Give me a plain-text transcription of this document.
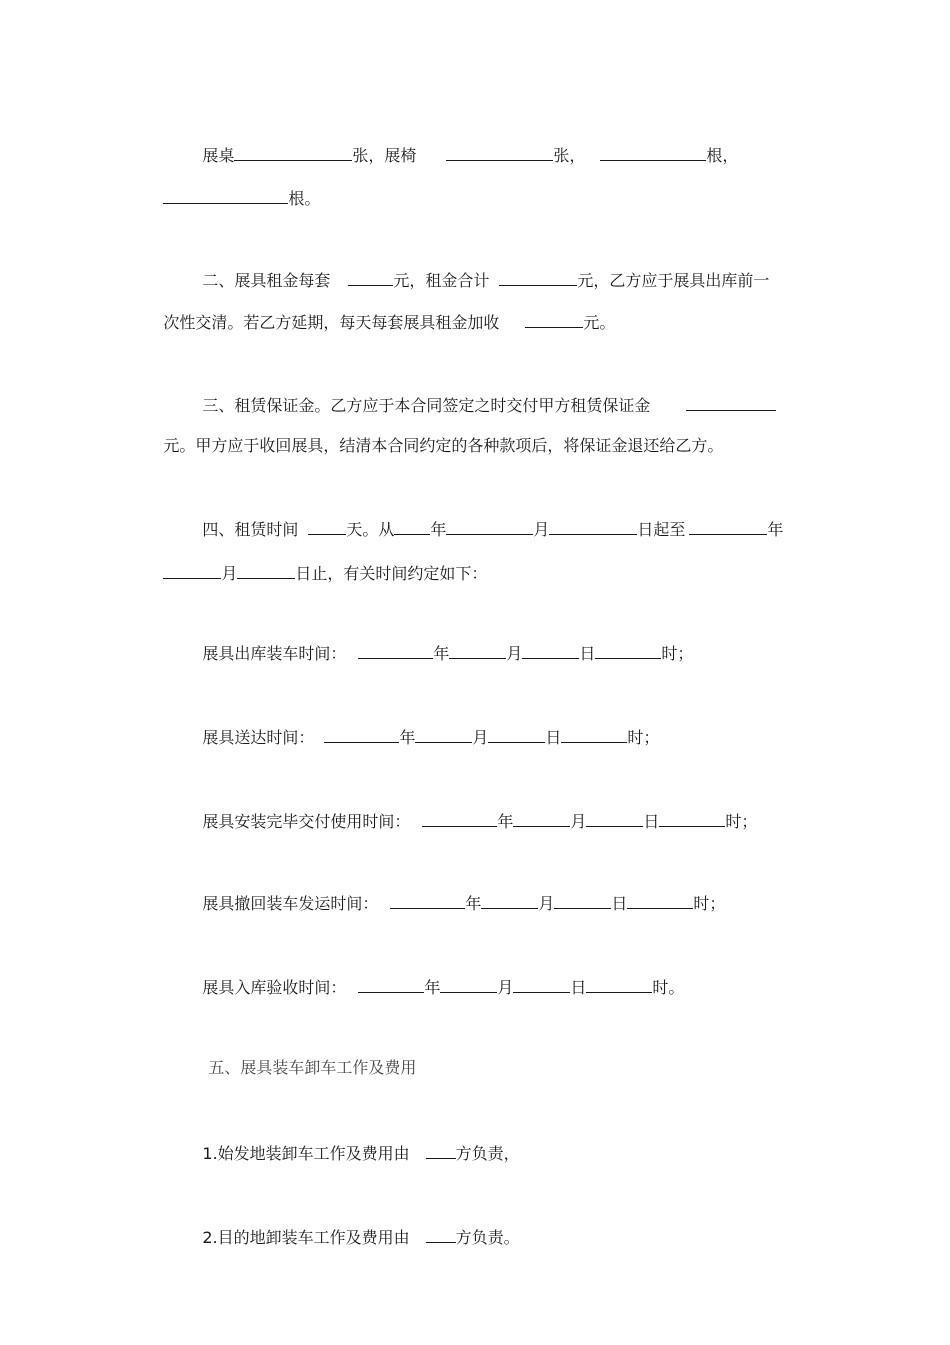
展桌	张，展椅	张，	根，

根。

二、展具租金每套	元，租金合计	元，乙方应于展具出库前一

次性交清。若乙方延期，每天每套展具租金加收	元。

三、租赁保证金。乙方应于本合同签定之时交付甲方租赁保证金

元。甲方应于收回展具，结清本合同约定的各种款项后，将保证金退还给乙方。

四、租赁时间	天。从 年	月	日起至	年

月	日止，有关时间约定如下：

展具出库装车时间：	年	月	日	时；

展具送达时间：	年	月	日	时；

展具安装完毕交付使用时间：	年	月	日	时；

展具撤回装车发运时间：	年	月	日	时；

展具入库验收时间：	年	月	日	时。

五、展具装车卸车工作及费用

1.始发地装卸车工作及费用由	方负责，

2.目的地卸装车工作及费用由	方负责。
